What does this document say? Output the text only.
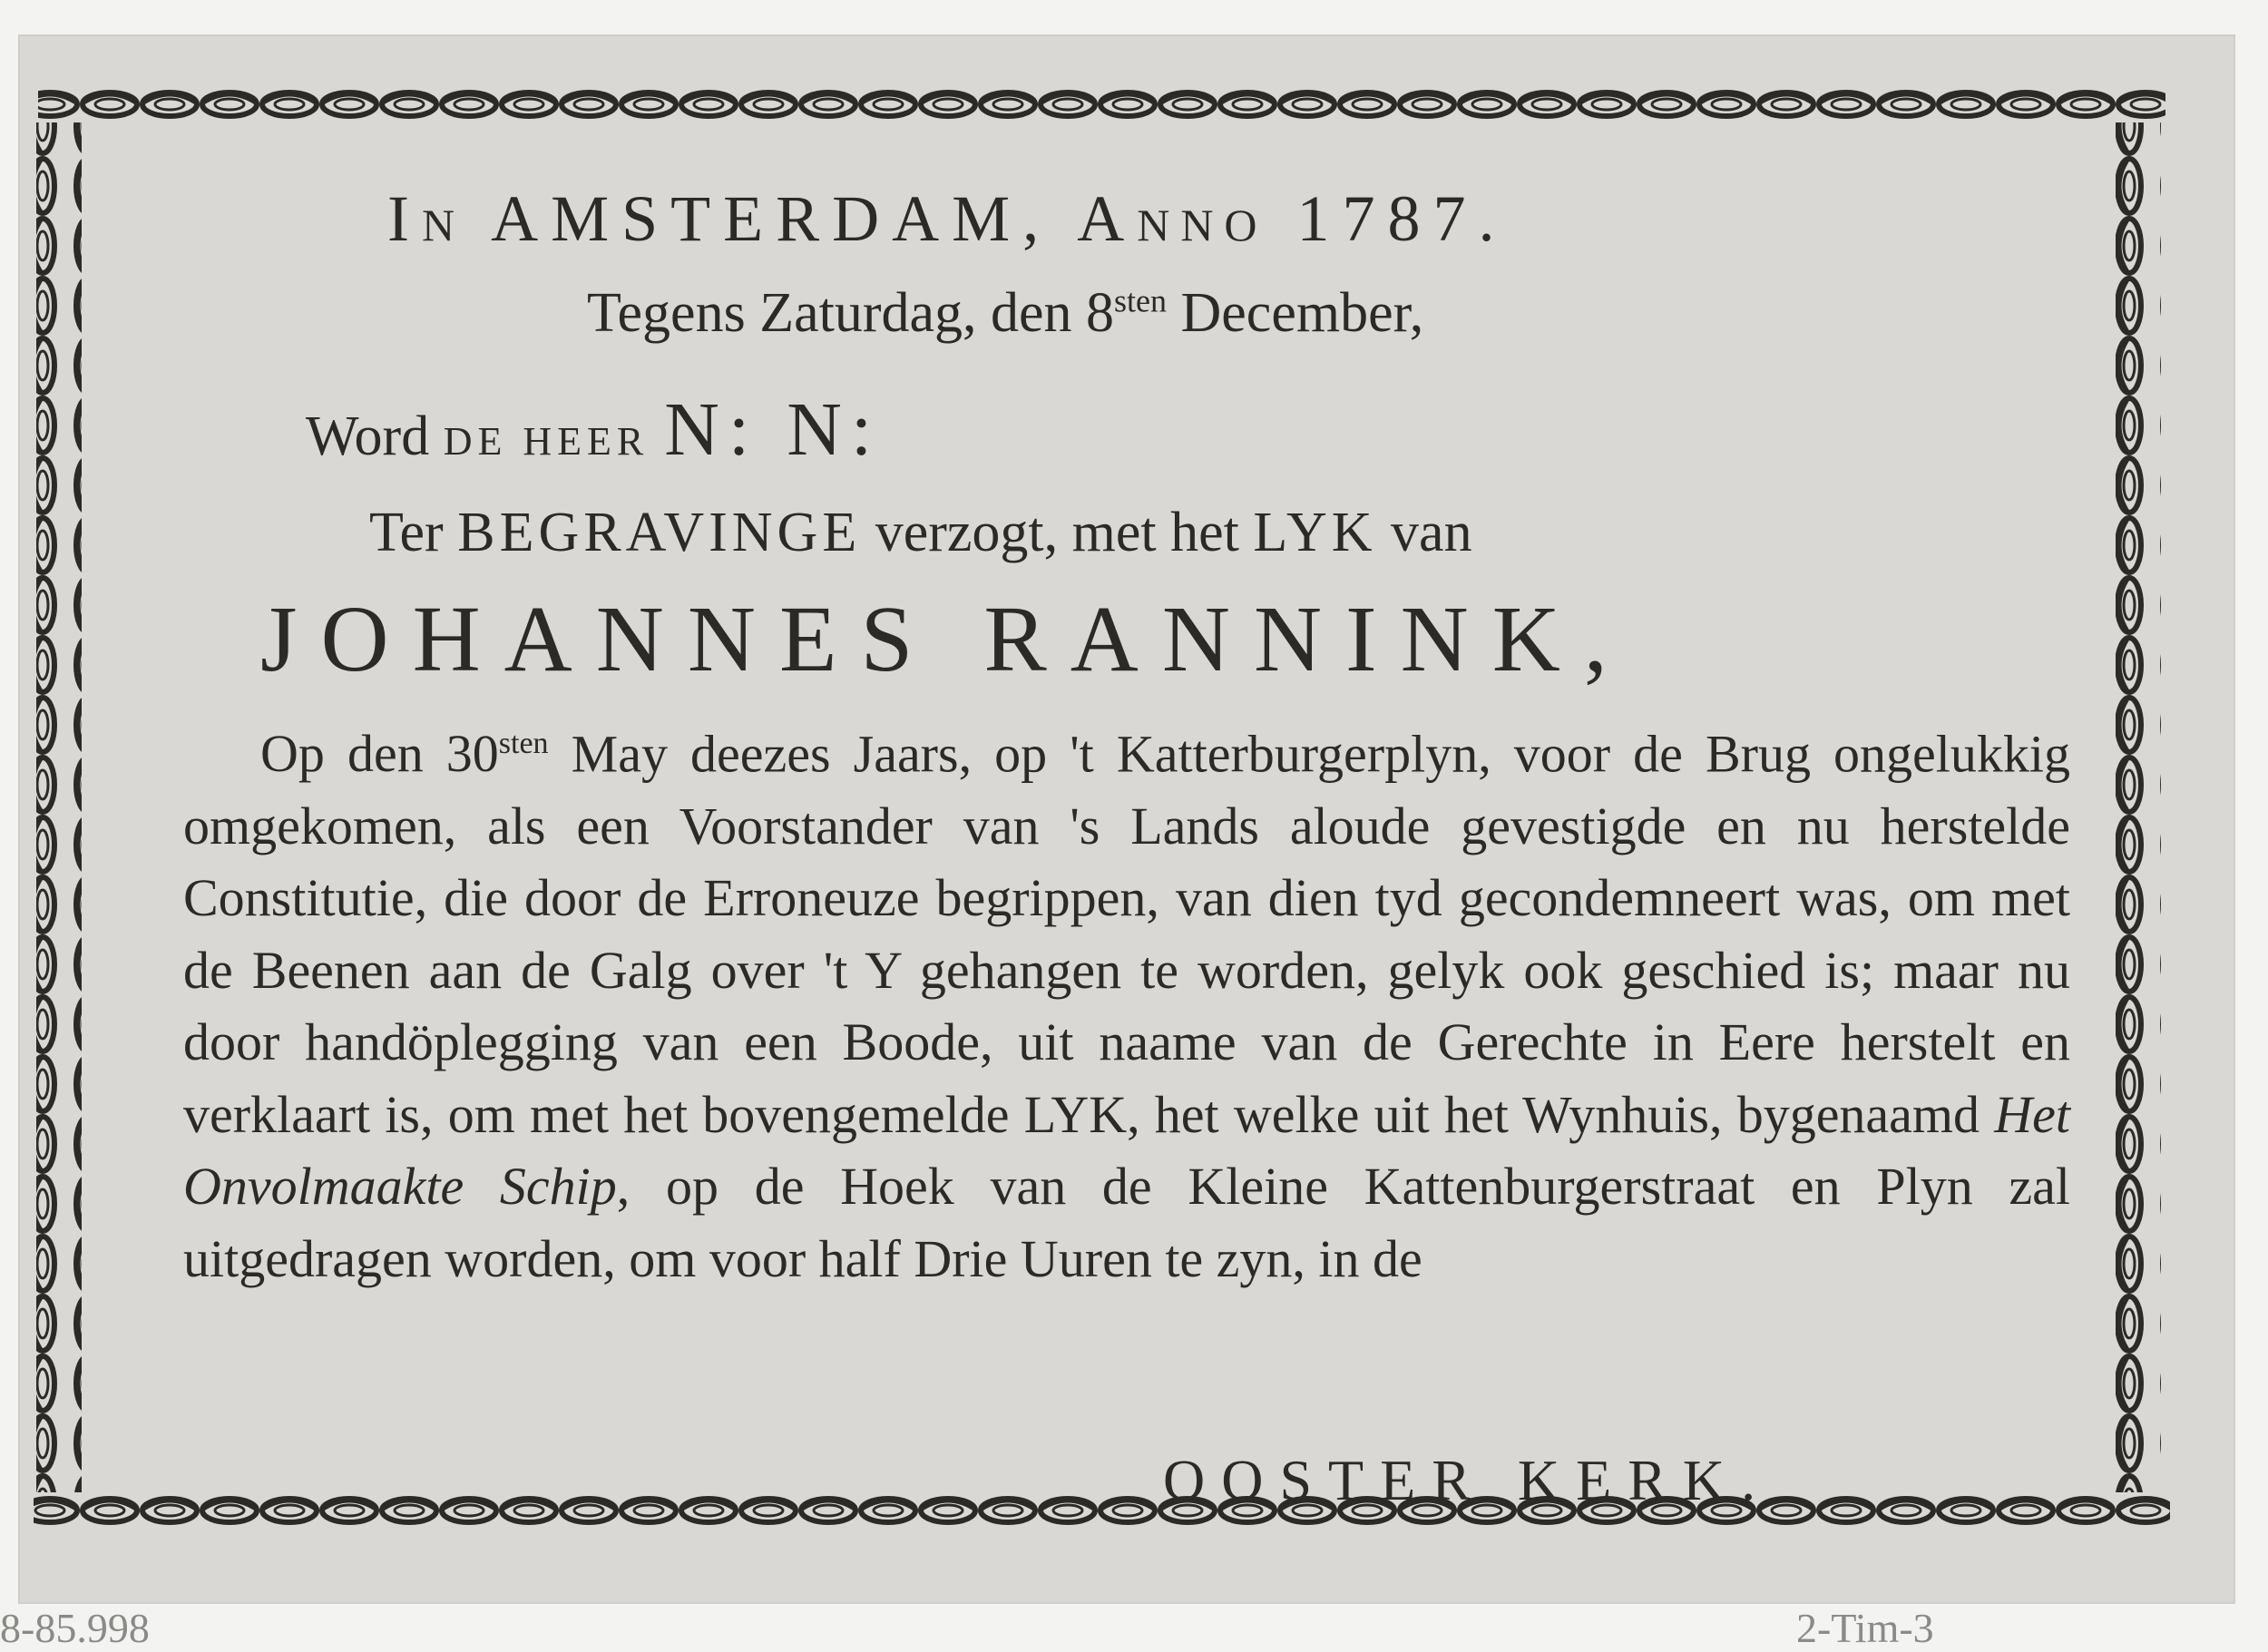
IN AMSTERDAM, ANNO 1787.
Tegens Zaturdag, den $8^{sten}$ December,
Word DE HEER N: N:
Ter BEGRAVINGE verzogt, met het LYK van
JOHANNES RANNINK,
Op den $30^{sten}$ May deezes Jaars, op 't Katterburgerplyn, voor de Brug ongelukkig omgekomen, als een Voorstander van 's Lands aloude gevestigde en nu herstelde Constitutie, die door de Erroneuze begrippen, van dien tyd gecondemneert was, om met de Beenen aan de Galg over 't Y gehangen te worden, gelyk ook geschied is; maar nu door handöplegging van een Boode, uit naame van de Gerechte in Eere herstelt en verklaart is, om met het bovengemelde LYK, het welke uit het Wynhuis, bygenaamd Het Onvolmaakte Schip, op de Hoek van de Kleine Kattenburgerstraat en Plyn zal uitgedragen worden, om voor half Drie Uuren te zyn, in de
OOSTER KERK.
8-85.998	2-Tim-3
